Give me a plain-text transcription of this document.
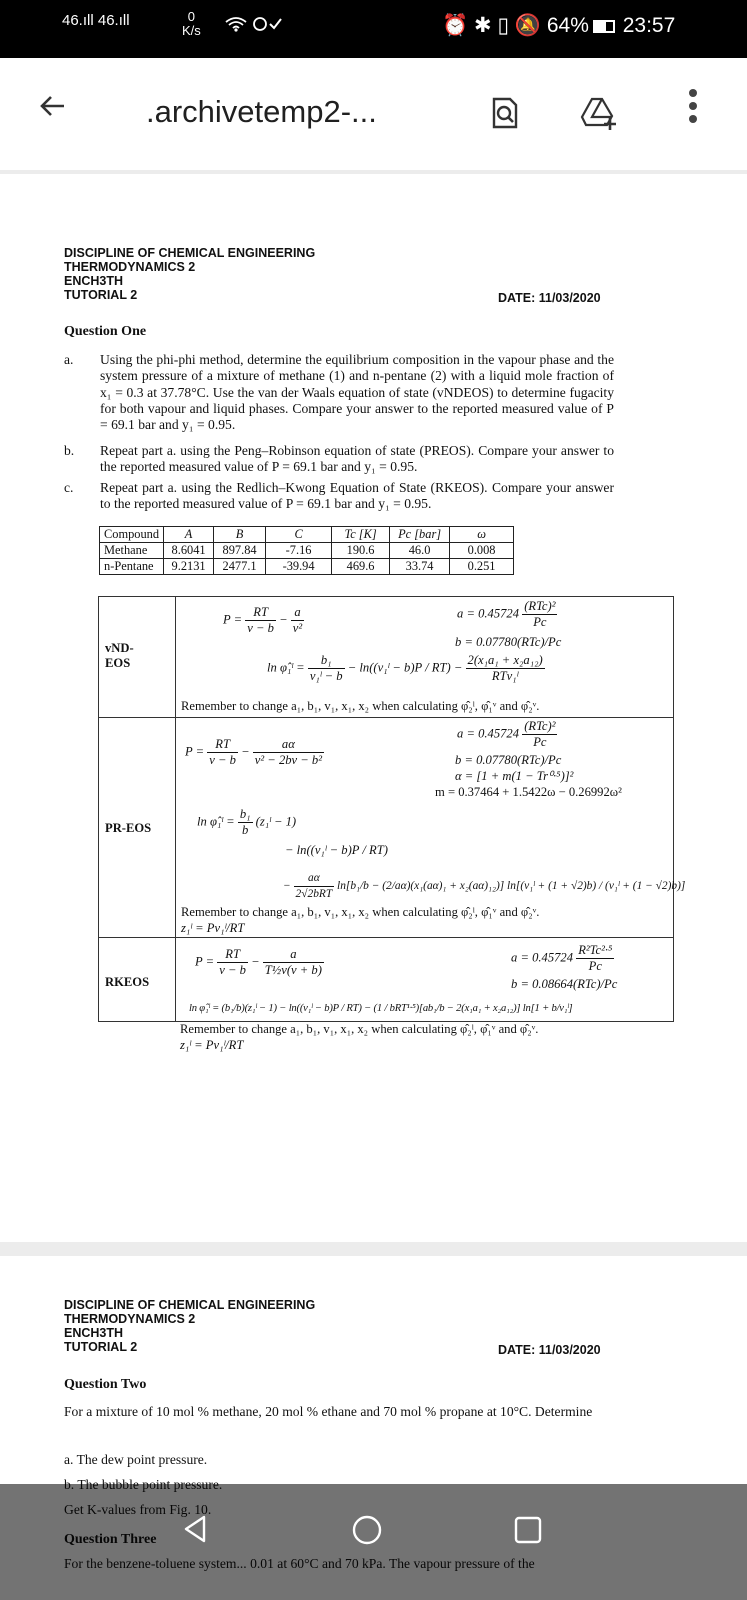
46.ıll 46.ıll	0
K/s	⏰ ✱ ▯ 🔕 64% 23:57
.archivetemp2-...
DISCIPLINE OF CHEMICAL ENGINEERING
THERMODYNAMICS 2
ENCH3TH
TUTORIAL 2	DATE: 11/03/2020
Question One
a. Using the phi-phi method, determine the equilibrium composition in the vapour phase and the system pressure of a mixture of methane (1) and n-pentane (2) with a liquid mole fraction of x₁ = 0.3 at 37.78°C. Use the van der Waals equation of state (vNDEOS) to determine fugacity for both vapour and liquid phases. Compare your answer to the reported measured value of P = 69.1 bar and y₁ = 0.95.
b. Repeat part a. using the Peng–Robinson equation of state (PREOS). Compare your answer to the reported measured value of P = 69.1 bar and y₁ = 0.95.
c. Repeat part a. using the Redlich–Kwong Equation of State (RKEOS). Compare your answer to the reported measured value of P = 69.1 bar and y₁ = 0.95.
Compound	A	B	C	Tc [K]	Pc [bar]	ω
Methane	8.6041	897.84	-7.16	190.6	46.0	0.008
n-Pentane	9.2131	2477.1	-39.94	469.6	33.74	0.251
vND-
EOS
$P = \frac{RT}{v - b} - \frac{a}{\text{v²}}$	$a = 0.45724 \frac{\text{(RTc)²}}{Pc}$
b = 0.07780(RTc)/Pc
ln φ̂₁ˡ = $\frac{\text{b₁}}{\text{v₁ˡ − b}}$ − ln((v₁ˡ − $b)P / RT) - \frac{\text{2(x₁a₁ + x₂a₁₂)}}{\text{RTv₁ˡ}}$
Remember to change a₁, b₁, v₁, x₁, x₂ when calculating φ̂₂ˡ, φ̂₁ᵛ and φ̂₂ᵛ.
PR-EOS
$P = \frac{RT}{v - b} - \frac{a\alpha}{\text{v² − 2bv − b²}}$
$a = 0.45724 \frac{\text{(RTc)²}}{Pc}$
b = 0.07780(RTc)/Pc
α = [1 + m(1 − Tr⁰·⁵)]²
m = 0.37464 + 1.5422ω − 0.26992ω²
ln φ̂₁ˡ = $\frac{\text{b₁}}{b}$ (z₁ˡ − 1)
− ln((v₁ˡ − b)P / RT)
− $\frac{a\alpha}{\text{2√2bRT}} \ln[b_1/b - (2/a\alpha)(x_1(a\alpha)_1 + x_2(a\alpha)_{12})]$ ln[(v₁ˡ + (1 + √2)b) / (v₁ˡ + (1 − √2)b)]
Remember to change a₁, b₁, v₁, x₁, x₂ when calculating φ̂₂ˡ, φ̂₁ᵛ and φ̂₂ᵛ.
z₁ˡ = Pv₁ˡ/RT
RKEOS
$P = \frac{RT}{v - b} - \frac{a}{\text{T½v(v + b)}}$	$a = 0.45724 \frac{\text{R²Tc²·⁵}}{Pc}$
b = 0.08664(RTc)/Pc
ln φ̂₁ˡ = (b₁/b)(z₁ˡ − 1) − ln((v₁ˡ − b)P / RT) − (1 / bRT¹·⁵)[ab₁/b − 2(x₁a₁ + x₂a₁₂)] ln[1 + b/v₁ˡ]
Remember to change a₁, b₁, v₁, x₁, x₂ when calculating φ̂₂ˡ, φ̂₁ᵛ and φ̂₂ᵛ.
z₁ˡ = Pv₁ˡ/RT
DISCIPLINE OF CHEMICAL ENGINEERING
THERMODYNAMICS 2
ENCH3TH
TUTORIAL 2	DATE: 11/03/2020
Question Two
For a mixture of 10 mol % methane, 20 mol % ethane and 70 mol % propane at 10°C. Determine
a. The dew point pressure.
